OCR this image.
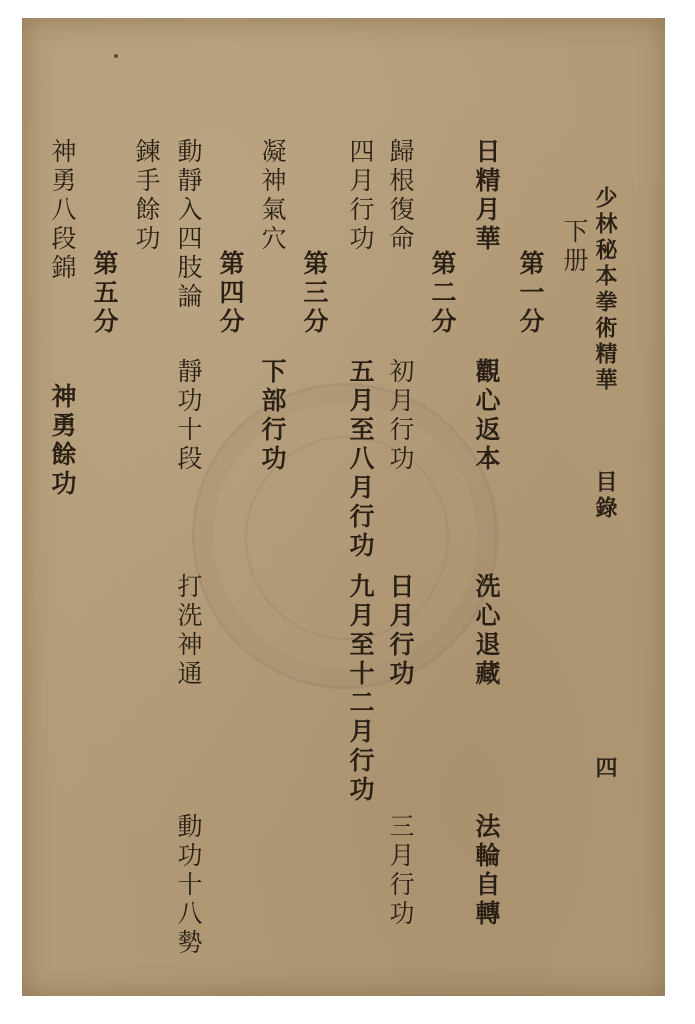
少林秘本拳術精華
目錄
四
下册
第一分
日精月華
觀心返本
洗心退藏
法輪自轉
第二分
歸根復命
初月行功
日月行功
三月行功
四月行功
五月至八月行功
九月至十二月行功
第三分
凝神氣穴
下部行功
第四分
動靜入四肢論
靜功十段
打洗神通
動功十八勢
鍊手餘功
第五分
神勇八段錦
神勇餘功
